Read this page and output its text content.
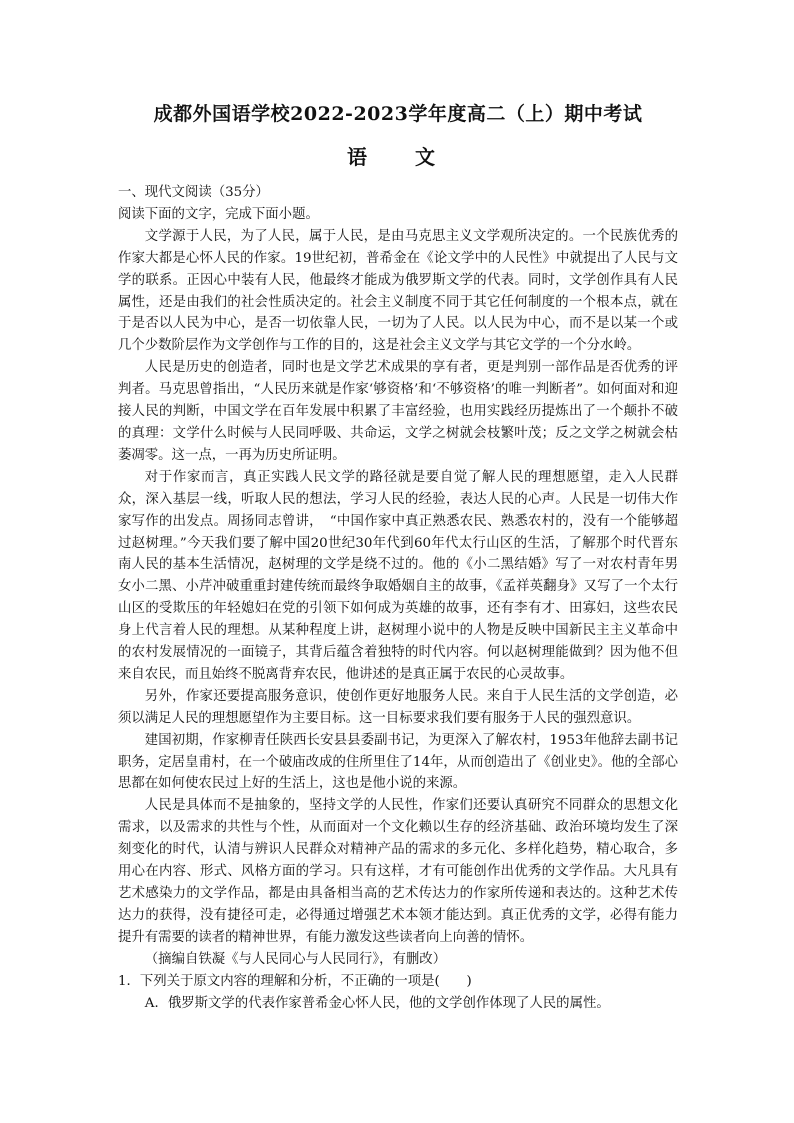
成都外国语学校2022-2023学年度高二（上）期中考试
语　文

一、现代文阅读（35分）

阅读下面的文字，完成下面小题。

文学源于人民，为了人民，属于人民，是由马克思主义文学观所决定的。一个民族优秀的作家大都是心怀人民的作家。19世纪初，普希金在《论文学中的人民性》中就提出了人民与文学的联系。正因心中装有人民，他最终才能成为俄罗斯文学的代表。同时，文学创作具有人民属性，还是由我们的社会性质决定的。社会主义制度不同于其它任何制度的一个根本点，就在于是否以人民为中心，是否一切依靠人民，一切为了人民。以人民为中心，而不是以某一个或几个少数阶层作为文学创作与工作的目的，这是社会主义文学与其它文学的一个分水岭。

人民是历史的创造者，同时也是文学艺术成果的享有者，更是判别一部作品是否优秀的评判者。马克思曾指出，“人民历来就是作家‘够资格’和‘不够资格’的唯一判断者”。如何面对和迎接人民的判断，中国文学在百年发展中积累了丰富经验，也用实践经历提炼出了一个颠扑不破的真理：文学什么时候与人民同呼吸、共命运，文学之树就会枝繁叶茂；反之文学之树就会枯萎凋零。这一点，一再为历史所证明。

对于作家而言，真正实践人民文学的路径就是要自觉了解人民的理想愿望，走入人民群众，深入基层一线，听取人民的想法，学习人民的经验，表达人民的心声。人民是一切伟大作家写作的出发点。周扬同志曾讲，　“中国作家中真正熟悉农民、熟悉农村的，没有一个能够超过赵树理。”今天我们要了解中国20世纪30年代到60年代太行山区的生活，了解那个时代晋东南人民的基本生活情况，赵树理的文学是绕不过的。他的《小二黑结婚》写了一对农村青年男女小二黑、小芹冲破重重封建传统而最终争取婚姻自主的故事，《孟祥英翻身》又写了一个太行山区的受欺压的年轻媳妇在党的引领下如何成为英雄的故事，还有李有才、田寡妇，这些农民身上代言着人民的理想。从某种程度上讲，赵树理小说中的人物是反映中国新民主主义革命中的农村发展情况的一面镜子，其背后蕴含着独特的时代内容。何以赵树理能做到？因为他不但来自农民，而且始终不脱离背弃农民，他讲述的是真正属于农民的心灵故事。

另外，作家还要提高服务意识，使创作更好地服务人民。来自于人民生活的文学创造，必须以满足人民的理想愿望作为主要目标。这一目标要求我们要有服务于人民的强烈意识。

建国初期，作家柳青任陕西长安县县委副书记，为更深入了解农村，1953年他辞去副书记职务，定居皇甫村，在一个破庙改成的住所里住了14年，从而创造出了《创业史》。他的全部心思都在如何使农民过上好的生活上，这也是他小说的来源。

人民是具体而不是抽象的，坚持文学的人民性，作家们还要认真研究不同群众的思想文化需求，以及需求的共性与个性，从而面对一个文化赖以生存的经济基础、政治环境均发生了深刻变化的时代，认清与辨识人民群众对精神产品的需求的多元化、多样化趋势，精心取合，多用心在内容、形式、风格方面的学习。只有这样，才有可能创作出优秀的文学作品。大凡具有艺术感染力的文学作品，都是由具备相当高的艺术传达力的作家所传递和表达的。这种艺术传达力的获得，没有捷径可走，必得通过增强艺术本领才能达到。真正优秀的文学，必得有能力提升有需要的读者的精神世界，有能力激发这些读者向上向善的情怀。

（摘编自铁凝《与人民同心与人民同行》，有删改）

1．下列关于原文内容的理解和分析，不正确的一项是(　　)

A．俄罗斯文学的代表作家普希金心怀人民，他的文学创作体现了人民的属性。
